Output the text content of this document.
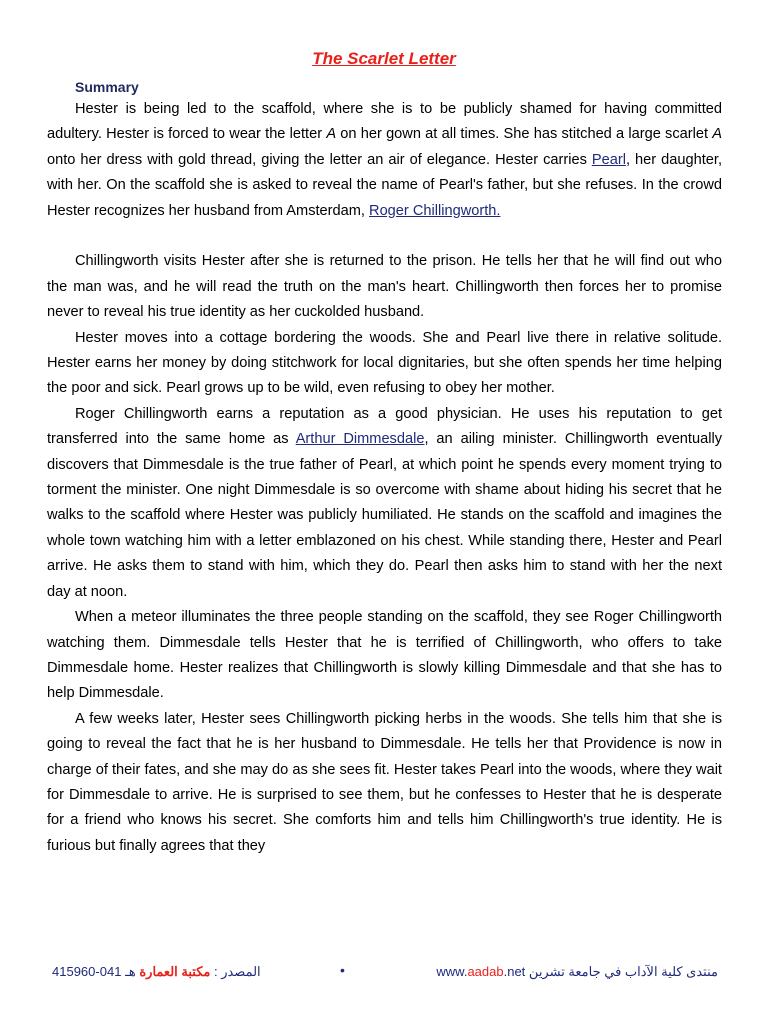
The Scarlet Letter
Summary

Hester is being led to the scaffold, where she is to be publicly shamed for having committed adultery. Hester is forced to wear the letter A on her gown at all times. She has stitched a large scarlet A onto her dress with gold thread, giving the letter an air of elegance. Hester carries Pearl, her daughter, with her. On the scaffold she is asked to reveal the name of Pearl's father, but she refuses. In the crowd Hester recognizes her husband from Amsterdam, Roger Chillingworth.

Chillingworth visits Hester after she is returned to the prison. He tells her that he will find out who the man was, and he will read the truth on the man's heart. Chillingworth then forces her to promise never to reveal his true identity as her cuckolded husband.

Hester moves into a cottage bordering the woods. She and Pearl live there in relative solitude. Hester earns her money by doing stitchwork for local dignitaries, but she often spends her time helping the poor and sick. Pearl grows up to be wild, even refusing to obey her mother.

Roger Chillingworth earns a reputation as a good physician. He uses his reputation to get transferred into the same home as Arthur Dimmesdale, an ailing minister. Chillingworth eventually discovers that Dimmesdale is the true father of Pearl, at which point he spends every moment trying to torment the minister. One night Dimmesdale is so overcome with shame about hiding his secret that he walks to the scaffold where Hester was publicly humiliated. He stands on the scaffold and imagines the whole town watching him with a letter emblazoned on his chest. While standing there, Hester and Pearl arrive. He asks them to stand with him, which they do. Pearl then asks him to stand with her the next day at noon.

When a meteor illuminates the three people standing on the scaffold, they see Roger Chillingworth watching them. Dimmesdale tells Hester that he is terrified of Chillingworth, who offers to take Dimmesdale home. Hester realizes that Chillingworth is slowly killing Dimmesdale and that she has to help Dimmesdale.

A few weeks later, Hester sees Chillingworth picking herbs in the woods. She tells him that she is going to reveal the fact that he is her husband to Dimmesdale. He tells her that Providence is now in charge of their fates, and she may do as she sees fit. Hester takes Pearl into the woods, where they wait for Dimmesdale to arrive. He is surprised to see them, but he confesses to Hester that he is desperate for a friend who knows his secret. She comforts him and tells him Chillingworth's true identity. He is furious but finally agrees that they

المصدر : مكتبة العمارة هـ 041-415960	•	www.aadab.net منتدى كلية الآداب في جامعة تشرين
